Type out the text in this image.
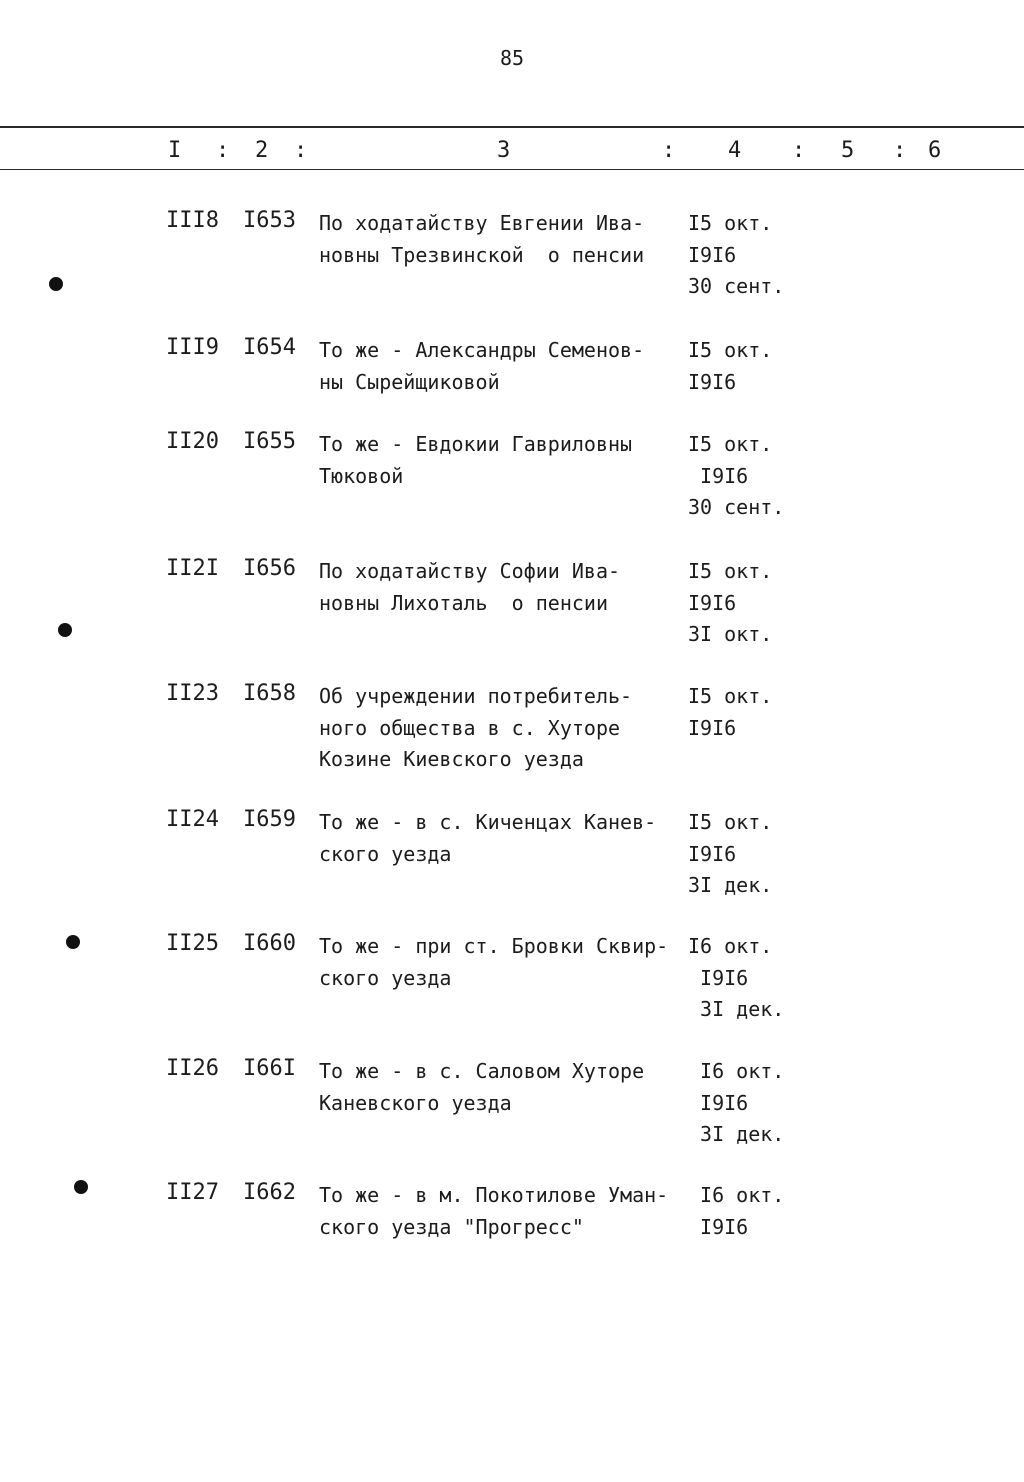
85
I : 2 :	3	: 4 : 5 : 6
III8 I653 По ходатайству Евгении Ива-
новны Трезвинской  о пенсии
I5 окт.
I9I6
30 сент.
III9 I654 То же - Александры Семенов-
ны Сырейщиковой
I5 окт.
I9I6
II20 I655 То же - Евдокии Гавриловны
Тюковой
I5 окт.
I9I6
30 сент.
II2I I656 По ходатайству Софии Ива-
новны Лихоталь  о пенсии
I5 окт.
I9I6
3I окт.
II23 I658 Об учреждении потребитель-
ного общества в с. Хуторе
Козине Киевского уезда
I5 окт.
I9I6
II24 I659 То же - в с. Киченцах Канев-
ского уезда
I5 окт.
I9I6
3I дек.
II25 I660 То же - при ст. Бровки Сквир-
ского уезда
I6 окт.
I9I6
3I дек.
II26 I66I То же - в с. Саловом Хуторе
Каневского уезда
I6 окт.
I9I6
3I дек.
II27 I662 То же - в м. Покотилове Уман-
ского уезда "Прогресс"
I6 окт.
I9I6
